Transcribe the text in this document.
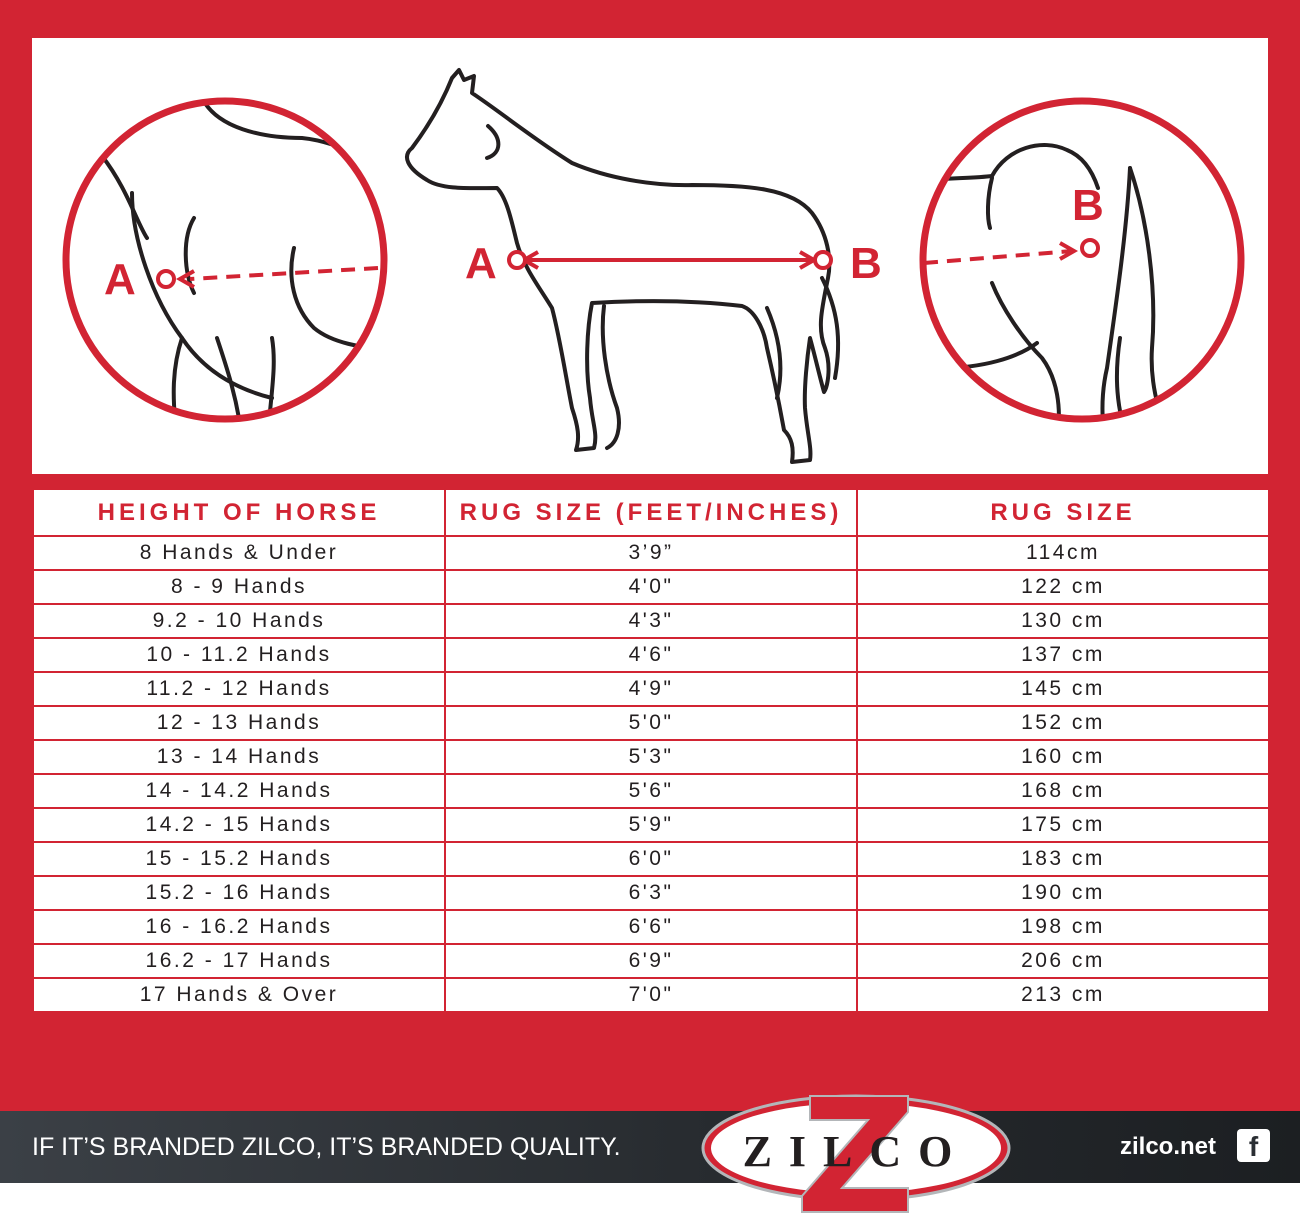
A	A	B
B
HEIGHT OF HORSE	RUG SIZE (FEET/INCHES)	RUG SIZE
8 Hands & Under	3’9”	114cm
8 - 9 Hands	4'0"	122 cm
9.2 - 10 Hands	4'3"	130 cm
10 - 11.2 Hands	4'6"	137 cm
11.2 - 12 Hands	4'9"	145 cm
12 - 13 Hands	5'0"	152 cm
13 - 14 Hands	5'3"	160 cm
14 - 14.2 Hands	5'6"	168 cm
14.2 - 15 Hands	5'9"	175 cm
15 - 15.2 Hands	6'0"	183 cm
15.2 - 16 Hands	6'3"	190 cm
16 - 16.2 Hands	6'6"	198 cm
16.2 - 17 Hands	6'9"	206 cm
17 Hands & Over	7'0"	213 cm
IF IT’S BRANDED ZILCO, IT’S BRANDED QUALITY.	zilco.net	f
ZILCO
